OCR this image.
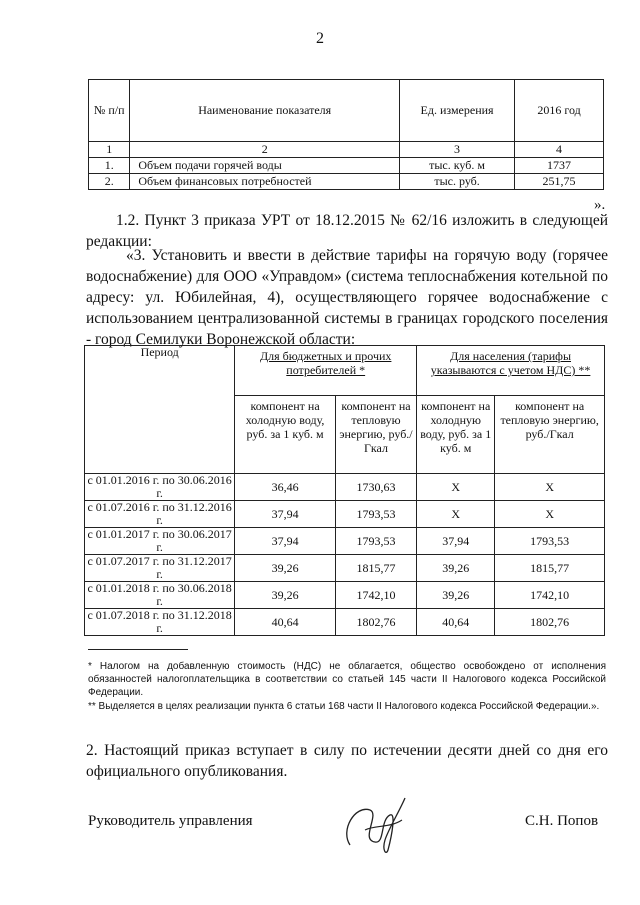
2
№ п/п	Наименование показателя	Ед. измерения	2016 год
1	2	3	4
1.	Объем подачи горячей воды	тыс. куб. м	1737
2.	Объем финансовых потребностей	тыс. руб.	251,75
».
1.2. Пункт 3 приказа УРТ от 18.12.2015 № 62/16 изложить в следующей редакции:
«3. Установить и ввести в действие тарифы на горячую воду (горячее водоснабжение) для ООО «Управдом» (система теплоснабжения котельной по адресу: ул. Юбилейная, 4), осуществляющего горячее водоснабжение с использованием централизованной системы в границах городского поселения - город Семилуки Воронежской области:
Период	Для бюджетных и прочих потребителей *		Для населения (тарифы указываются с учетом НДС) **	
	компонент на холодную воду, руб. за 1 куб. м	компонент на тепловую энергию, руб./Гкал	компонент на холодную воду, руб. за 1 куб. м	компонент на тепловую энергию, руб./Гкал
с 01.01.2016 г. по 30.06.2016 г.	36,46	1730,63	X	X
с 01.07.2016 г. по 31.12.2016 г.	37,94	1793,53	X	X
с 01.01.2017 г. по 30.06.2017 г.	37,94	1793,53	37,94	1793,53
с 01.07.2017 г. по 31.12.2017 г.	39,26	1815,77	39,26	1815,77
с 01.01.2018 г. по 30.06.2018 г.	39,26	1742,10	39,26	1742,10
с 01.07.2018 г. по 31.12.2018 г.	40,64	1802,76	40,64	1802,76
* Налогом на добавленную стоимость (НДС) не облагается, общество освобождено от исполнения обязанностей налогоплательщика в соответствии со статьей 145 части II Налогового кодекса Российской Федерации.
** Выделяется в целях реализации пункта 6 статьи 168 части II Налогового кодекса Российской Федерации.».
2. Настоящий приказ вступает в силу по истечении десяти дней со дня его официального опубликования.
Руководитель управления	С.Н. Попов
